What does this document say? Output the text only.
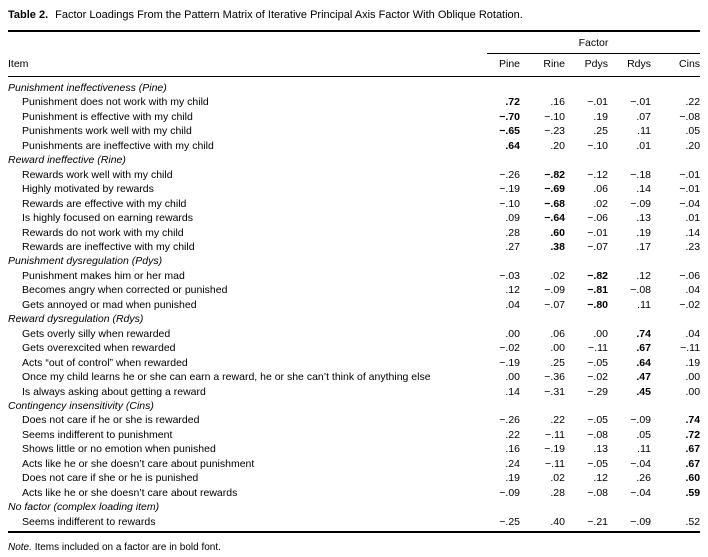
Table 2. Factor Loadings From the Pattern Matrix of Iterative Principal Axis Factor With Oblique Rotation.

	Factor				

Item	Pine	Rine	Pdys	Rdys	Cins
Punishment ineffectiveness (Pine)					
Punishment does not work with my child	.72	.16	−.01	−.01	.22
Punishment is effective with my child	−.70	−.10	.19	.07	−.08
Punishments work well with my child	−.65	−.23	.25	.11	.05
Punishments are ineffective with my child	.64	.20	−.10	.01	.20
Reward ineffective (Rine)					
Rewards work well with my child	−.26	−.82	−.12	−.18	−.01
Highly motivated by rewards	−.19	−.69	.06	.14	−.01
Rewards are effective with my child	−.10	−.68	.02	−.09	−.04
Is highly focused on earning rewards	.09	−.64	−.06	.13	.01
Rewards do not work with my child	.28	.60	−.01	.19	.14
Rewards are ineffective with my child	.27	.38	−.07	.17	.23
Punishment dysregulation (Pdys)					
Punishment makes him or her mad	−.03	.02	−.82	.12	−.06
Becomes angry when corrected or punished	.12	−.09	−.81	−.08	.04
Gets annoyed or mad when punished	.04	−.07	−.80	.11	−.02
Reward dysregulation (Rdys)					
Gets overly silly when rewarded	.00	.06	.00	.74	.04
Gets overexcited when rewarded	−.02	.00	−.11	.67	−.11
Acts “out of control” when rewarded	−.19	.25	−.05	.64	.19
Once my child learns he or she can earn a reward, he or she can’t think of anything else	.00	−.36	−.02	.47	.00
Is always asking about getting a reward	.14	−.31	−.29	.45	.00
Contingency insensitivity (Cins)					
Does not care if he or she is rewarded	−.26	.22	−.05	−.09	.74
Seems indifferent to punishment	.22	−.11	−.08	.05	.72
Shows little or no emotion when punished	.16	−.19	.13	.11	.67
Acts like he or she doesn’t care about punishment	.24	−.11	−.05	−.04	.67
Does not care if she or he is punished	.19	.02	.12	.26	.60
Acts like he or she doesn’t care about rewards	−.09	.28	−.08	−.04	.59
No factor (complex loading item)					
Seems indifferent to rewards	−.25	.40	−.21	−.09	.52
Note. Items included on a factor are in bold font.
